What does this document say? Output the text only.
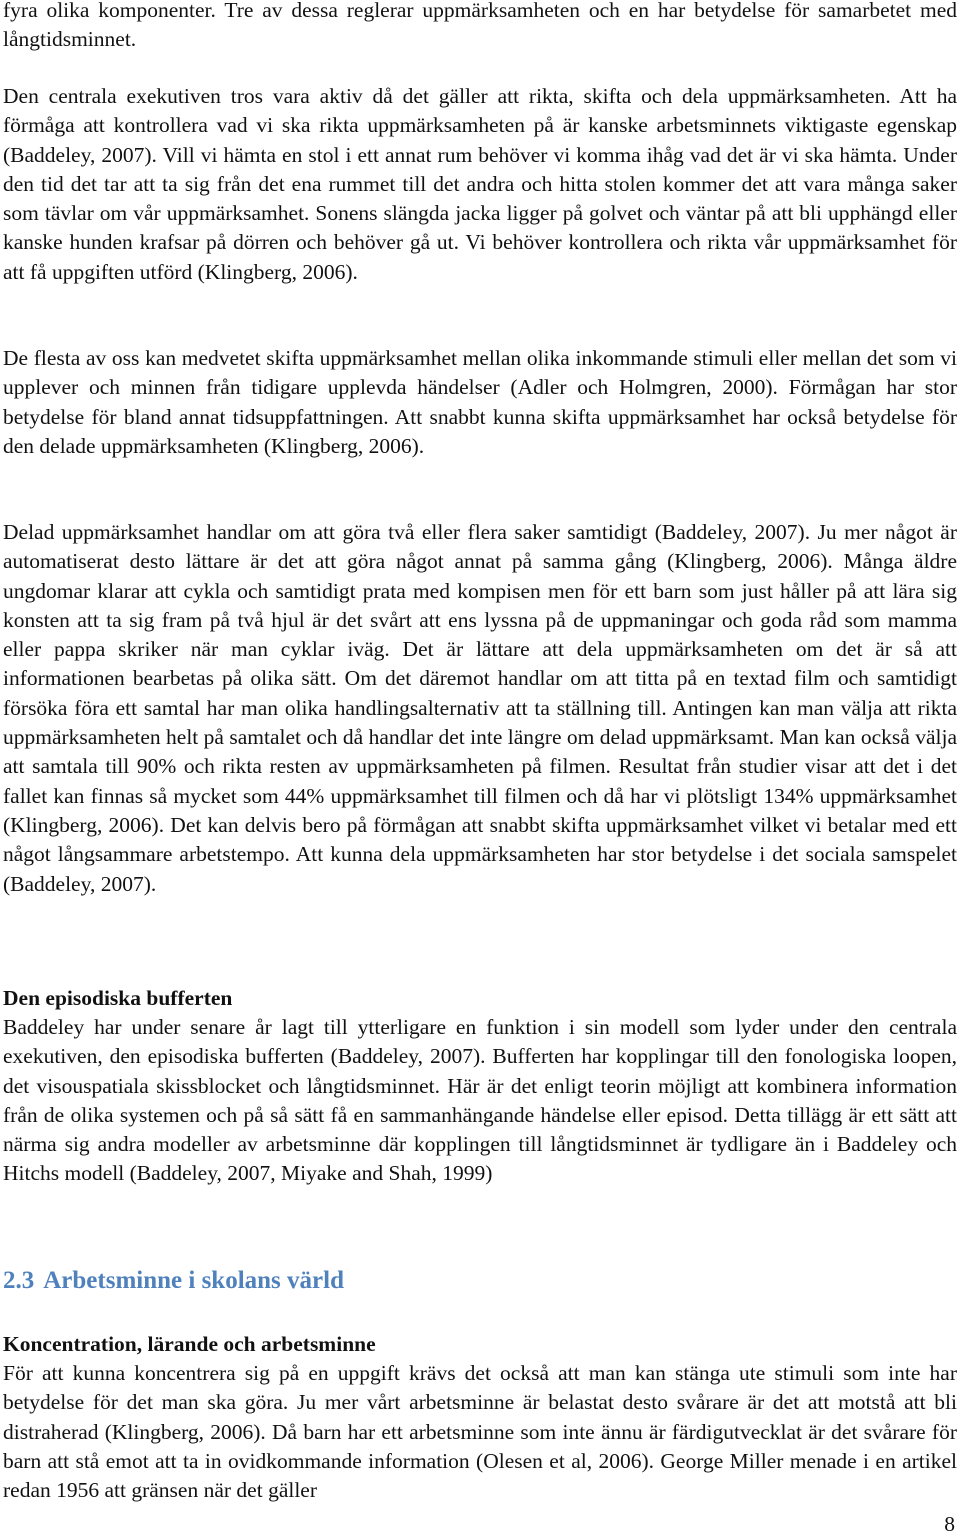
fyra olika komponenter. Tre av dessa reglerar uppmärksamheten och en har betydelse för samarbetet med långtidsminnet.

Den centrala exekutiven tros vara aktiv då det gäller att rikta, skifta och dela uppmärksamheten. Att ha förmåga att kontrollera vad vi ska rikta uppmärksamheten på är kanske arbetsminnets viktigaste egenskap (Baddeley, 2007). Vill vi hämta en stol i ett annat rum behöver vi komma ihåg vad det är vi ska hämta. Under den tid det tar att ta sig från det ena rummet till det andra och hitta stolen kommer det att vara många saker som tävlar om vår uppmärksamhet. Sonens slängda jacka ligger på golvet och väntar på att bli upphängd eller kanske hunden krafsar på dörren och behöver gå ut. Vi behöver kontrollera och rikta vår uppmärksamhet för att få uppgiften utförd (Klingberg, 2006).

De flesta av oss kan medvetet skifta uppmärksamhet mellan olika inkommande stimuli eller mellan det som vi upplever och minnen från tidigare upplevda händelser (Adler och Holmgren, 2000). Förmågan har stor betydelse för bland annat tidsuppfattningen. Att snabbt kunna skifta uppmärksamhet har också betydelse för den delade uppmärksamheten (Klingberg, 2006).

Delad uppmärksamhet handlar om att göra två eller flera saker samtidigt (Baddeley, 2007). Ju mer något är automatiserat desto lättare är det att göra något annat på samma gång (Klingberg, 2006). Många äldre ungdomar klarar att cykla och samtidigt prata med kompisen men för ett barn som just håller på att lära sig konsten att ta sig fram på två hjul är det svårt att ens lyssna på de uppmaningar och goda råd som mamma eller pappa skriker när man cyklar iväg. Det är lättare att dela uppmärksamheten om det är så att informationen bearbetas på olika sätt. Om det däremot handlar om att titta på en textad film och samtidigt försöka föra ett samtal har man olika handlingsalternativ att ta ställning till. Antingen kan man välja att rikta uppmärksamheten helt på samtalet och då handlar det inte längre om delad uppmärksamt. Man kan också välja att samtala till 90% och rikta resten av uppmärksamheten på filmen. Resultat från studier visar att det i det fallet kan finnas så mycket som 44% uppmärksamhet till filmen och då har vi plötsligt 134% uppmärksamhet (Klingberg, 2006). Det kan delvis bero på förmågan att snabbt skifta uppmärksamhet vilket vi betalar med ett något långsammare arbetstempo. Att kunna dela uppmärksamheten har stor betydelse i det sociala samspelet (Baddeley, 2007).

Den episodiska bufferten

Baddeley har under senare år lagt till ytterligare en funktion i sin modell som lyder under den centrala exekutiven, den episodiska bufferten (Baddeley, 2007). Bufferten har kopplingar till den fonologiska loopen, det visouspatiala skissblocket och långtidsminnet. Här är det enligt teorin möjligt att kombinera information från de olika systemen och på så sätt få en sammanhängande händelse eller episod. Detta tillägg är ett sätt att närma sig andra modeller av arbetsminne där kopplingen till långtidsminnet är tydligare än i Baddeley och Hitchs modell (Baddeley, 2007, Miyake and Shah, 1999)

2.3 Arbetsminne i skolans värld
Koncentration, lärande och arbetsminne

För att kunna koncentrera sig på en uppgift krävs det också att man kan stänga ute stimuli som inte har betydelse för det man ska göra. Ju mer vårt arbetsminne är belastat desto svårare är det att motstå att bli distraherad (Klingberg, 2006). Då barn har ett arbetsminne som inte ännu är färdigutvecklat är det svårare för barn att stå emot att ta in ovidkommande information (Olesen et al, 2006). George Miller menade i en artikel redan 1956 att gränsen när det gäller

8
